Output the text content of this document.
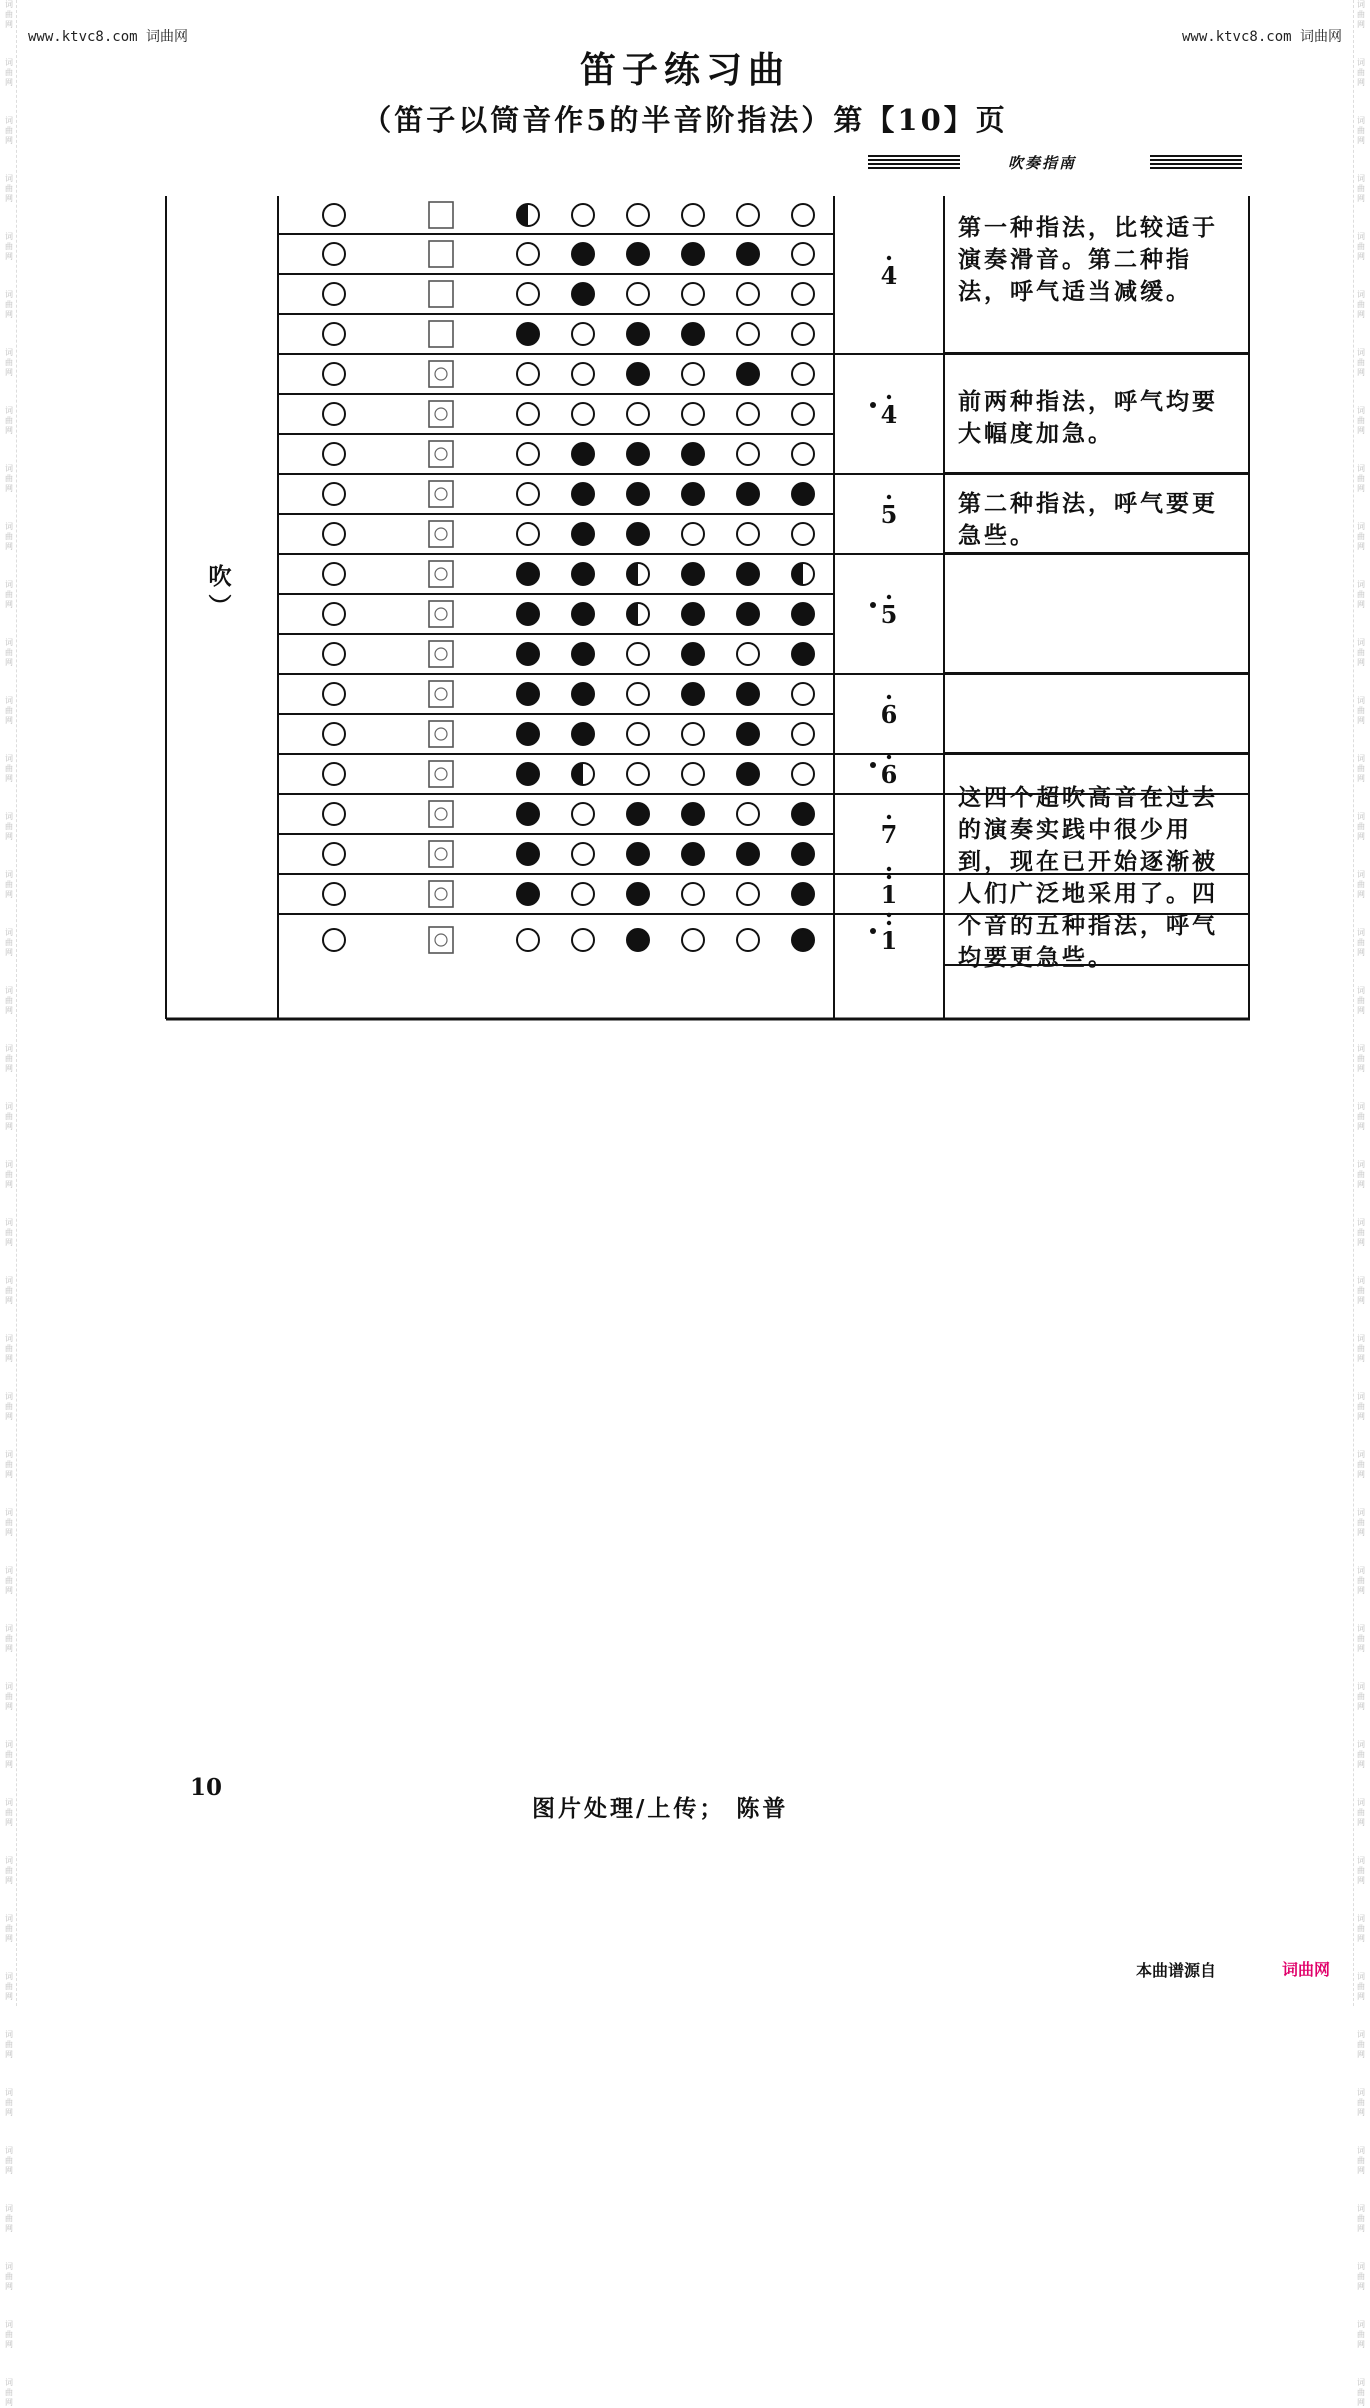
词曲网
词曲网
词曲网
词曲网
词曲网
词曲网
词曲网
词曲网
词曲网
词曲网
词曲网
词曲网
词曲网
词曲网
词曲网
词曲网
词曲网
词曲网
词曲网
词曲网
词曲网
词曲网
词曲网
词曲网
词曲网
词曲网
词曲网
词曲网
词曲网
词曲网
词曲网
词曲网
词曲网
词曲网
词曲网
词曲网
词曲网
词曲网
词曲网
词曲网
词曲网
词曲网
词曲网
词曲网
词曲网
词曲网
词曲网
词曲网
词曲网
词曲网
词曲网
词曲网
词曲网
词曲网
词曲网
词曲网
词曲网
词曲网
词曲网
词曲网
词曲网
词曲网
词曲网
词曲网
词曲网
词曲网
词曲网
词曲网
词曲网
词曲网
词曲网
词曲网
词曲网
词曲网
词曲网
词曲网
词曲网
词曲网
词曲网
词曲网
词曲网
词曲网
词曲网
词曲网
www.ktvc8.com 词曲网	www.ktvc8.com 词曲网
笛子练习曲
（笛子以筒音作5的半音阶指法）第【10】页
吹奏指南
4
4
5
5
6
6
7
1
1
吹
︶
第一种指法，比较适于演奏滑音。第二种指法，呼气适当减缓。
前两种指法，呼气均要大幅度加急。
第二种指法，呼气要更急些。
这四个超吹高音在过去的演奏实践中很少用到，现在已开始逐渐被人们广泛地采用了。四个音的五种指法，呼气均要更急些。
10
图片处理/上传； 陈普
本曲谱源自	词曲网
